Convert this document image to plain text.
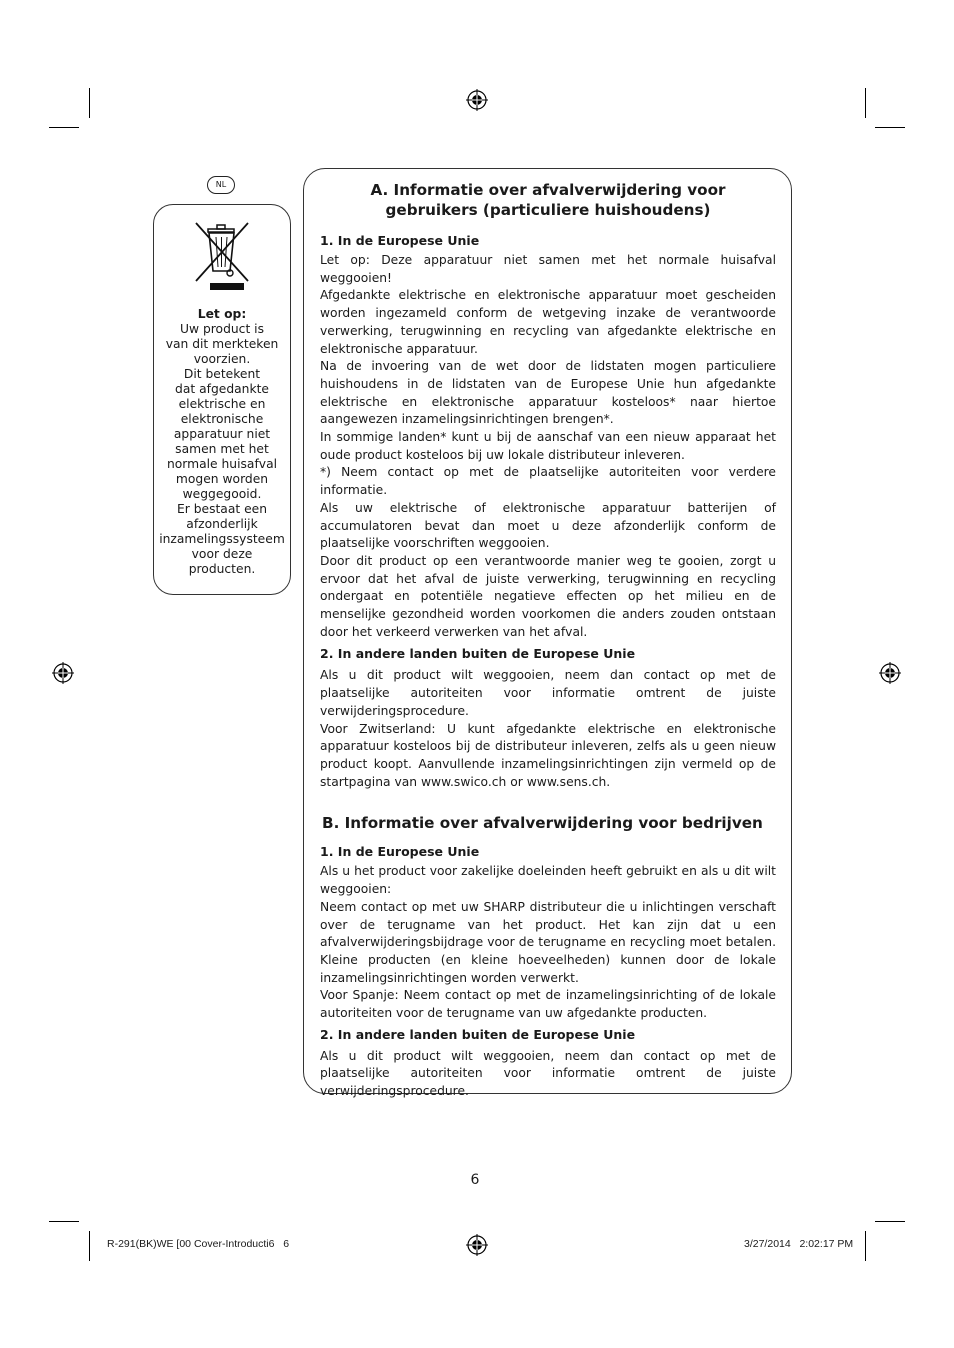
NL
Let op:
Uw product is
van dit merkteken
voorzien.
Dit betekent
dat afgedankte
elektrische en
elektronische
apparatuur niet
samen met het
normale huisafval
mogen worden
weggegooid.
Er bestaat een
afzonderlijk
inzamelingssysteem
voor deze
producten.
A. Informatie over afvalverwijdering voor
gebruikers (particuliere huishoudens)
1. In de Europese Unie

Let op: Deze apparatuur niet samen met het normale huisafval weggooien!

Afgedankte elektrische en elektronische apparatuur moet gescheiden worden ingezameld conform de wetgeving inzake de verantwoorde verwerking, terugwinning en recycling van afgedankte elektrische en elektronische apparatuur.

Na de invoering van de wet door de lidstaten mogen particuliere huishoudens in de lidstaten van de Europese Unie hun afgedankte elektrische en elektronische apparatuur kosteloos* naar hiertoe aangewezen inzamelingsinrichtingen brengen*.

In sommige landen* kunt u bij de aanschaf van een nieuw apparaat het oude product kosteloos bij uw lokale distributeur inleveren.

*) Neem contact op met de plaatselijke autoriteiten voor verdere informatie.

Als uw elektrische of elektronische apparatuur batterijen of accumulatoren bevat dan moet u deze afzonderlijk conform de plaatselijke voorschriften weggooien.

Door dit product op een verantwoorde manier weg te gooien, zorgt u ervoor dat het afval de juiste verwerking, terugwinning en recycling ondergaat en potentiële negatieve effecten op het milieu en de menselijke gezondheid worden voorkomen die anders zouden ontstaan door het verkeerd verwerken van het afval.

2. In andere landen buiten de Europese Unie

Als u dit product wilt weggooien, neem dan contact op met de plaatselijke autoriteiten voor informatie omtrent de juiste verwijderingsprocedure.

Voor Zwitserland: U kunt afgedankte elektrische en elektronische apparatuur kosteloos bij de distributeur inleveren, zelfs als u geen nieuw product koopt. Aanvullende inzamelingsinrichtingen zijn vermeld op de startpagina van www.swico.ch or www.sens.ch.

B. Informatie over afvalverwijdering voor bedrijven
1. In de Europese Unie

Als u het product voor zakelijke doeleinden heeft gebruikt en als u dit wilt weggooien:

Neem contact op met uw SHARP distributeur die u inlichtingen verschaft over de terugname van het product. Het kan zijn dat u een afvalverwijderingsbijdrage voor de terugname en recycling moet betalen. Kleine producten (en kleine hoeveelheden) kunnen door de lokale inzamelingsinrichtingen worden verwerkt.

Voor Spanje: Neem contact op met de inzamelingsinrichting of de lokale autoriteiten voor de terugname van uw afgedankte producten.

2. In andere landen buiten de Europese Unie

Als u dit product wilt weggooien, neem dan contact op met de plaatselijke autoriteiten voor informatie omtrent de juiste verwijderingsprocedure.

6
R-291(BK)WE [00 Cover-Introducti6   6	3/27/2014   2:02:17 PM
